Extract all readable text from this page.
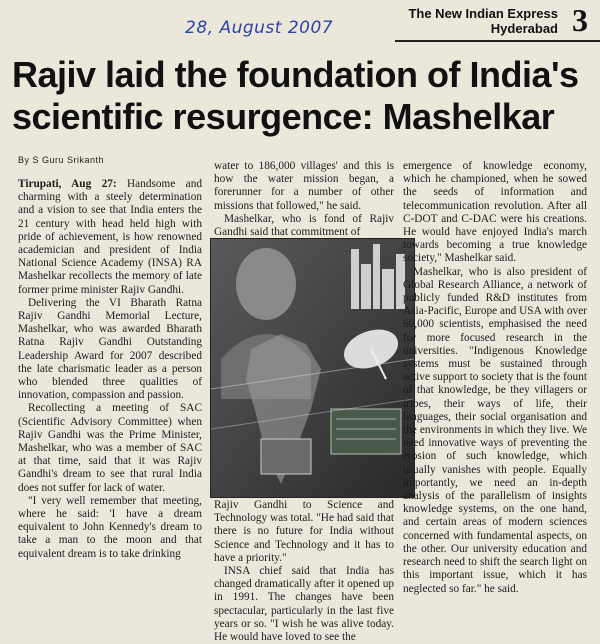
28, August 2007
The New Indian Express
Hyderabad 3
Rajiv laid the foundation of India's scientific resurgence: Mashelkar
By S Guru Srikanth

Tirupati, Aug 27: Handsome and charming with a steely determination and a vision to see that India enters the 21 century with head held high with pride of achievement, is how renowned academician and president of India National Science Academy (INSA) RA Mashelkar recollects the memory of late former prime minister Rajiv Gandhi.

Delivering the VI Bharath Ratna Rajiv Gandhi Memorial Lecture, Mashelkar, who was awarded Bharath Ratna Rajiv Gandhi Outstanding Leadership Award for 2007 described the late charismatic leader as a person who blended three qualities of innovation, compassion and passion.

Recollecting a meeting of SAC (Scientific Advisory Committee) when Rajiv Gandhi was the Prime Minister, Mashelkar, who was a member of SAC at that time, said that it was Rajiv Gandhi's dream to see that rural India does not suffer for lack of water.

"I very well remember that meeting, where he said: 'I have a dream equivalent to John Kennedy's dream to take a man to the moon and that equivalent dream is to take drinking

water to 186,000 villages' and this is how the water mission began, a forerunner for a number of other missions that followed," he said.

Mashelkar, who is fond of Rajiv Gandhi said that commitment of

Rajiv Gandhi to Science and Technology was total. "He had said that there is no future for India without Science and Technology and it has to have a priority."

INSA chief said that India has changed dramatically after it opened up in 1991. The changes have been spectacular, particularly in the last five years or so. "I wish he was alive today. He would have loved to see the

emergence of knowledge economy, which he championed, when he sowed the seeds of information and telecommunication revolution. After all C-DOT and C-DAC were his creations. He would have enjoyed India's march towards becoming a true knowledge society," Mashelkar said.

Mashelkar, who is also president of Global Research Alliance, a network of publicly funded R&D institutes from Asia-Pacific, Europe and USA with over 60,000 scientists, emphasised the need for more focused research in the universities. "Indigenous Knowledge systems must be sustained through active support to society that is the fount of that knowledge, be they villagers or tribes, their ways of life, their languages, their social organisation and the environments in which they live. We need innovative ways of preventing the erosion of such knowledge, which usually vanishes with people. Equally importantly, we need an in-depth analysis of the parallelism of insights knowledge systems, on the one hand, and certain areas of modern sciences concerned with fundamental aspects, on the other. Our university education and research need to shift the search light on this important issue, which it has neglected so far." he said.
